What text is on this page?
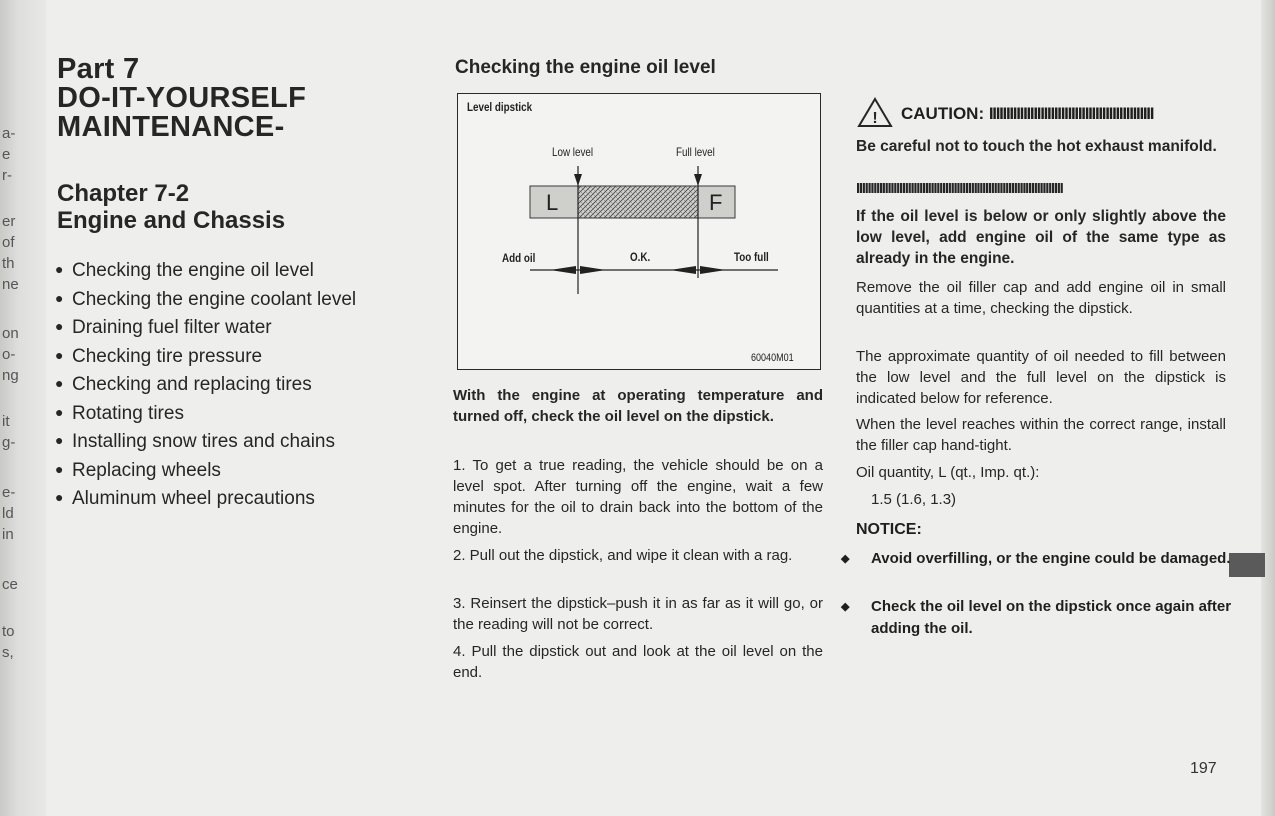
a-
e
r-
er
of
th
ne
on
o-
ng
it
g-
e-
ld
in
ce
to
s,
Part 7
DO-IT-YOURSELF
MAINTENANCE-
Chapter 7-2
Engine and Chassis
● Checking the engine oil level
● Checking the engine coolant level
● Draining fuel filter water
● Checking tire pressure
● Checking and replacing tires
● Rotating tires
● Installing snow tires and chains
● Replacing wheels
● Aluminum wheel precautions
Checking the engine oil level
Level dipstick
Low level	Full level
L	F
Add oil	O.K.	Too full
60040M01

With the engine at operating temperature and turned off, check the oil level on the dipstick.

1. To get a true reading, the vehicle should be on a level spot. After turning off the engine, wait a few minutes for the oil to drain back into the bottom of the engine.

2. Pull out the dipstick, and wipe it clean with a rag.

3. Reinsert the dipstick–push it in as far as it will go, or the reading will not be correct.

4. Pull the dipstick out and look at the oil level on the end.

! CAUTION: IIIIIIIIIIIIIIIIIIIIIIIIIIIIIIIIIIIIIIIIIIIIIIII

Be careful not to touch the hot exhaust manifold.

IIIIIIIIIIIIIIIIIIIIIIIIIIIIIIIIIIIIIIIIIIIIIIIIIIIIIIIIIIIIIIIIIIIIIIII

If the oil level is below or only slightly above the low level, add engine oil of the same type as already in the engine.

Remove the oil filler cap and add engine oil in small quantities at a time, checking the dipstick.

The approximate quantity of oil needed to fill between the low level and the full level on the dipstick is indicated below for reference.

When the level reaches within the correct range, install the filler cap hand-tight.

Oil quantity, L (qt., Imp. qt.):

1.5 (1.6, 1.3)

NOTICE:
◆ Avoid overfilling, or the engine could be damaged.
◆ Check the oil level on the dipstick once again after adding the oil.
197
